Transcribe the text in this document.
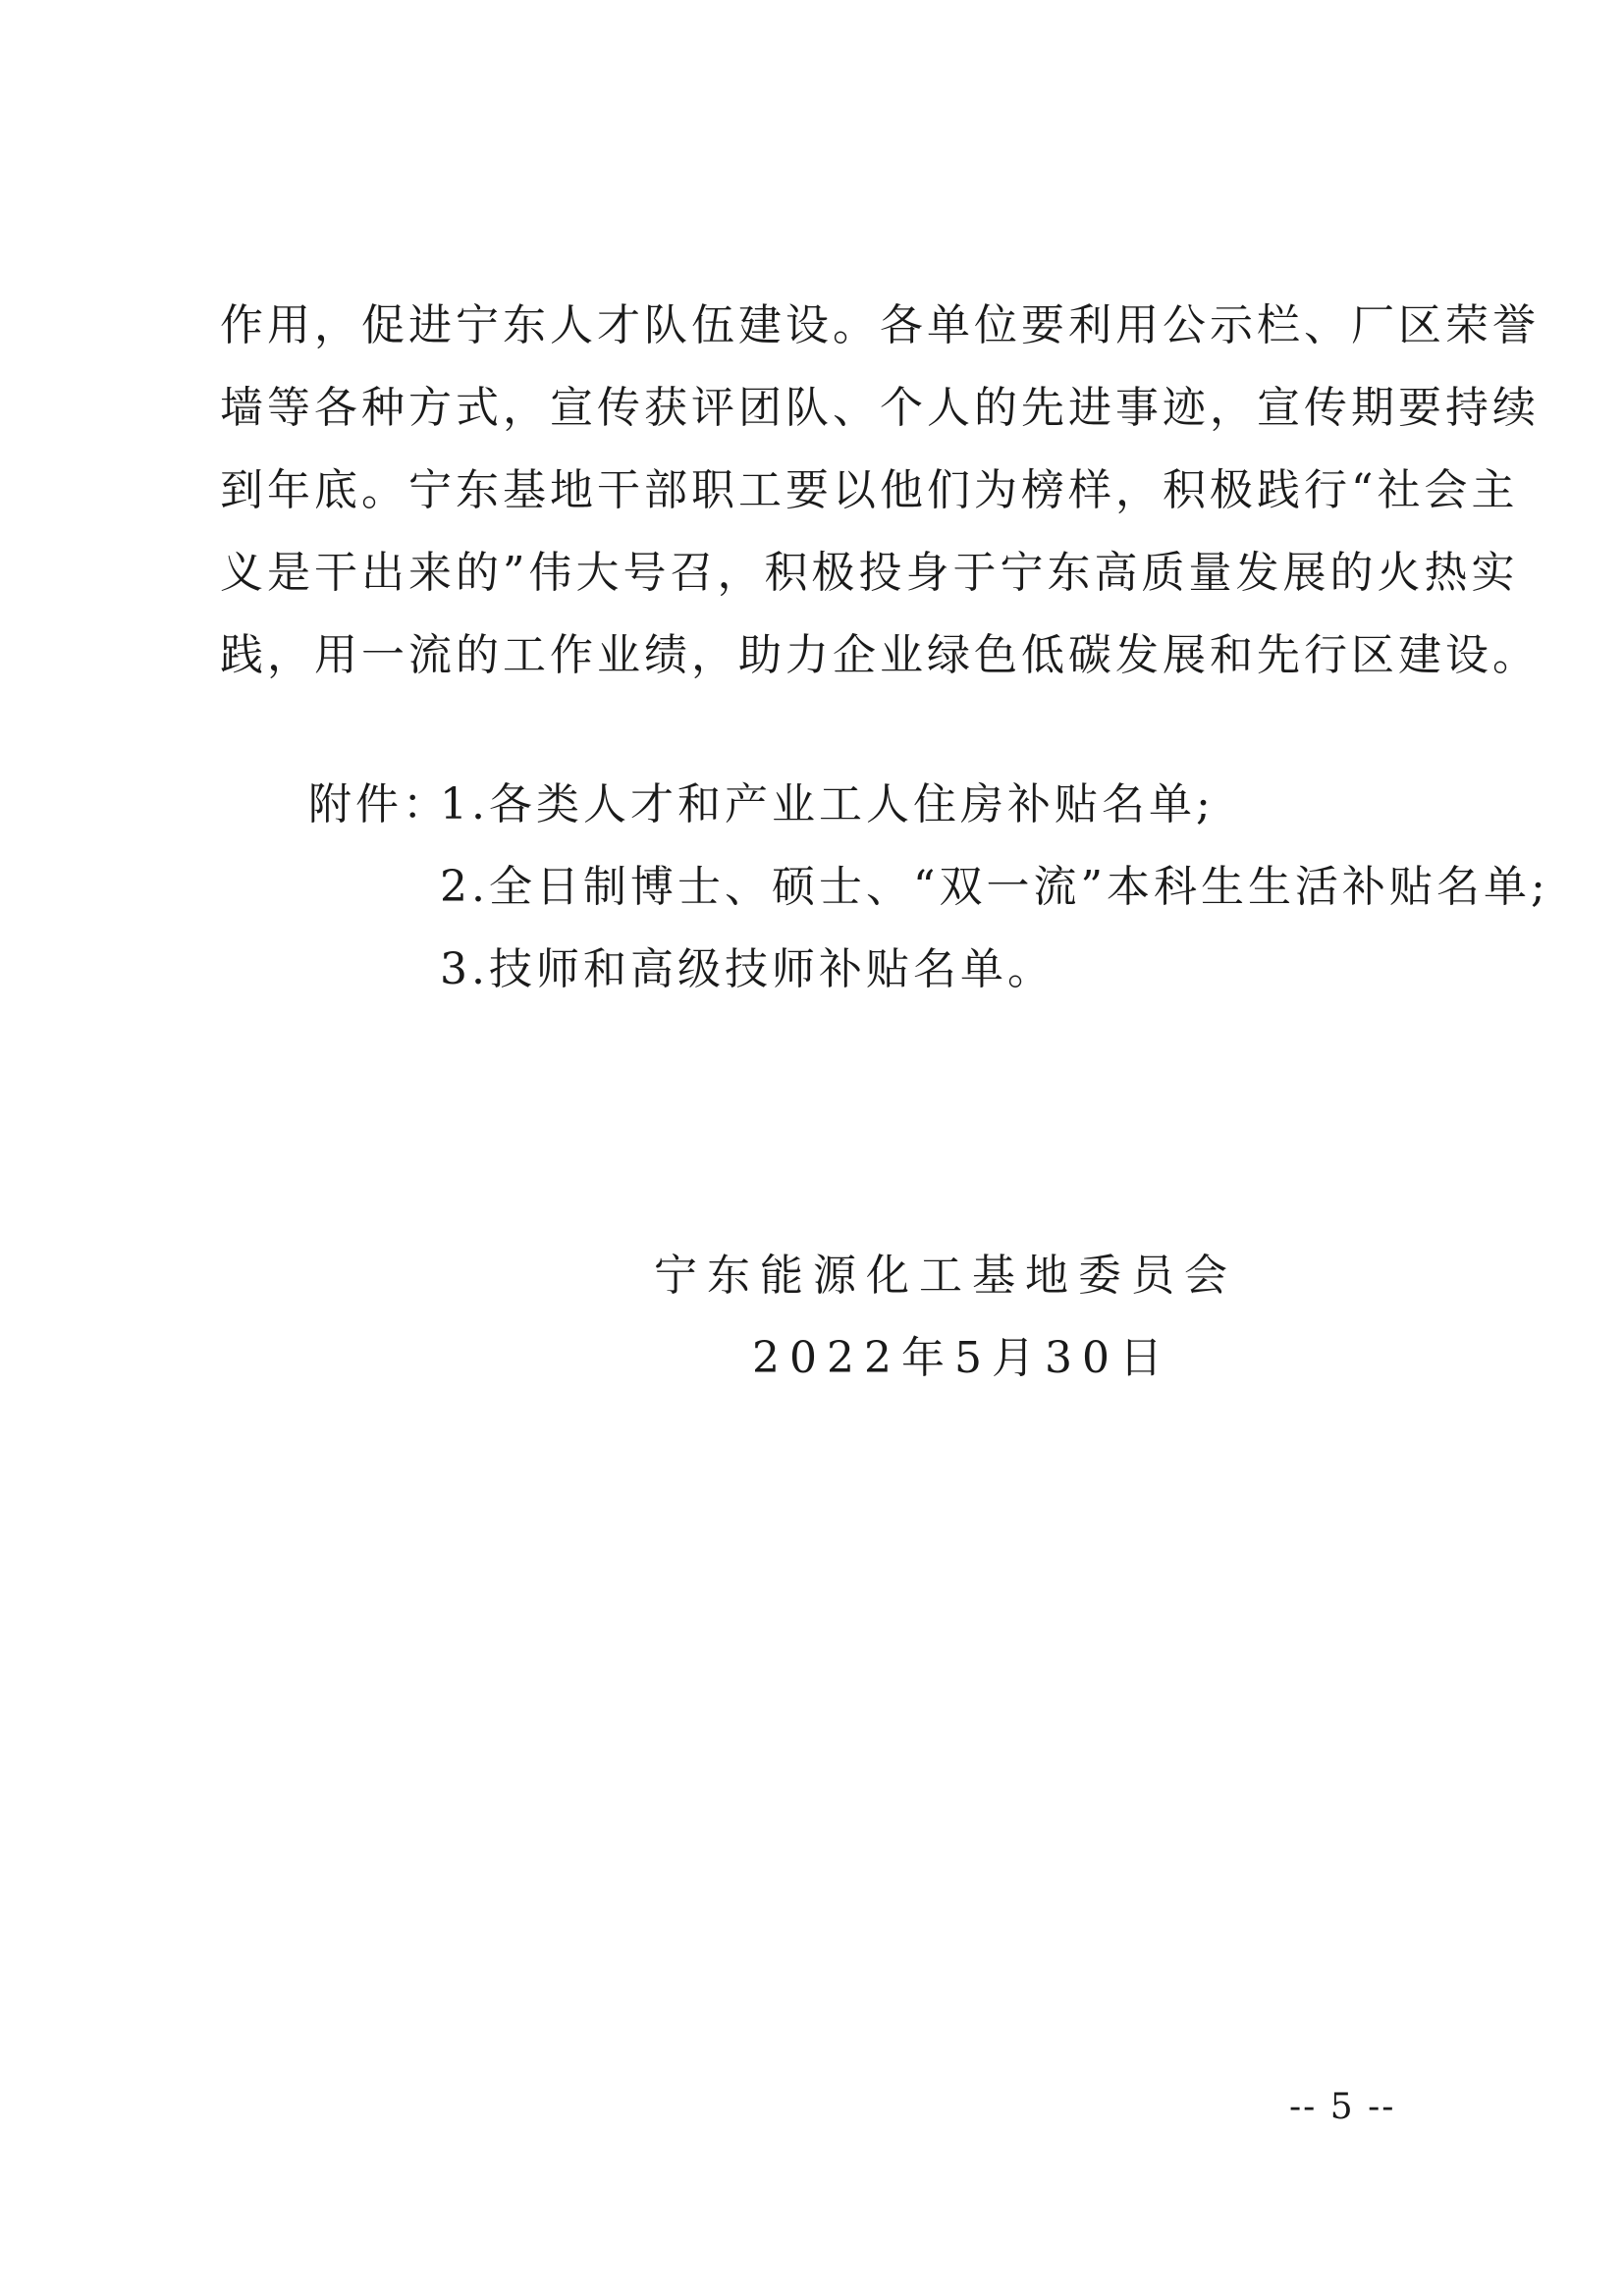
作用，促进宁东人才队伍建设。各单位要利用公示栏、厂区荣誉
墙等各种方式，宣传获评团队、个人的先进事迹，宣传期要持续
到年底。宁东基地干部职工要以他们为榜样，积极践行“社会主
义是干出来的”伟大号召，积极投身于宁东高质量发展的火热实
践，用一流的工作业绩，助力企业绿色低碳发展和先行区建设。
附件：
1.各类人才和产业工人住房补贴名单;
2.全日制博士、硕士、“双一流”本科生生活补贴名单;
3.技师和高级技师补贴名单。
宁东能源化工基地委员会
2022年5月30日
-- 5 --
